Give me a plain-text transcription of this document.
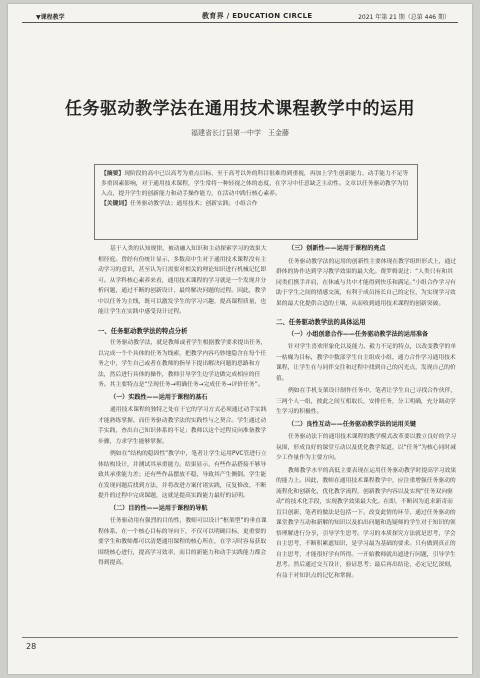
▼课程教学	教育界 / EDUCATION CIRCLE	2021 年第 21 期（总第 446 期）
任务驱动教学法在通用技术课程教学中的运用
福建省长汀县第一中学　王金藤
【摘要】现阶段的高中已以高考为重点目标，至于高考以外的科目很难得到重视，再加上学生创新能力、动手能力不足等多重因素影响，对于通用技术课程，学生常将一种轻视之体的态度，在学习中任意缺乏主动性。文章以任务驱动教学为切入点，提升学生的创新能力和动手操作能力，在活动中践行核心素养。
【关键词】任务驱动教学法；通用技术；创新实践；小组合作

基于人类的认知规律，被动融入知识和主动探索学习的效果大相径庭。曾经有份统计显示，多数高中生对于通用技术课程没有主动学习的意识，甚至认为只需要对相关的理论知识进行机械记忆即可。从学科核心素养来看，通用技术课程的学习就是一个发现并分析问题，通过不断的创新设计，最终解决问题的过程。因此，教学中以任务为主线，既可以激发学生的学习兴趣，提高课程质量，也能让学生在实践中感受设计过程。

一、任务驱动教学法的特点分析

任务驱动教学法，就是教师或者学生根据教学要求提出任务，以完成一个个具体的任务为线索，把教学内容巧妙地隐含在每个任务之中，学生自己或者在教师的指导下提出解决问题的思路和方法，然后进行具体的操作，教师引导学生边学边做完成相应的任务。其主要特点是“呈现任务→明确任务→完成任务→评价任务”。

（一）实践性——运用于课程的基石

通用技术课程的独特之处在于它的学习方式必须通过动手实践才能熟练掌握。而任务驱动教学法的实践性与之契合。学生通过动手实践，查出自己知识体系的不足；教师以这个过程反向准备教学步骤，力求学生能够掌握。

例如在“结构的稳固性”教学中，笔者让学生运用PVC管进行立体结构设计，并测试其承重能力。结果显示，有些作品搭接不够导致其承重能力差；还有些作品摆放不稳，导致其产生侧倒。学生能在发现问题后找到方法，并将改进方案付诸实践，反复修改、不断提升的过程中完成课题，这就是提高实践能力最好的证明。

（二）目的性——运用于课程的导航

任务驱动用有强烈的目的性，教师可以设计“框架型”的垂直课程体系，在一个核心目标的导向下，不仅可以明确目标，更重要的要学生和教师都可以清楚通用课程的核心所在，在学习时容易获取围绕核心进行，提高学习效率，而目的新能力和动手实践能力都会得到提高。

（三）创新性——运用于课程的亮点

任务驱动教学法的运用的创新性主要体现在教学组织形式上，通过群体的协作达到学习教学效果的最大化。费罗姆说过：“人类只有和其同类们携手并肩，在休戚与共中才能得到快乐和满足。”小组合作学习有助于学生之间的情感交流，有利于成员扬长自己的定位，为实现学习效果的最大化提供合适的土壤，从而收到通用技术课程的创新突破。

二、任务驱动教学法的具体运用
（一）小组创意合作——任务驱动教学法的运用准备

针对学生喜欢形象化以及能力、毅力不足的特点，以改变教学的单一枯燥为目标，教学中数部学生自主组成小组，通力合作学习通用技术课程，让学生在与同伴交往和过程中找到自己的闪光点，发现自己的价值。

例如在手机支架设计制作任务中，笔者让学生自己寻找合作伙伴，三两个人一组，彼此之间互相取长，安排任务，分工明确，充分调动学生学习的积极性。

（二）良性互动——任务驱动教学法的运用关键

任务驱动法下的通用技术课程的教学模式改革要以教立良好的学习氛围，形成良好的课堂互动以及优化教学渠道，以“任务”为核心同时减少工作量作为主要方向。

教师教学水平的高低主要表现在运用任务驱动教学时提高学习效果的能力上。因此，教师在通用技术课程教学中，应注重增强任务驱动的流程化和创新化，优化教学流程，创新教学内容以及实现“任务双向驱动”的技术化手段，实现教学效果最大化。在即，不断因为追求新奇而盲目创新，笔者的做法是包括一下。改变此情的环节，通过任务驱动的课堂教学互动和新解的知识以及拍出问题和选疑师的学生对于知识的领悟理解进行分享，引导学生思考。学习的本质探究方法就是思考，学会自主思考，不断积累遮知识，是学习最为基础的要求。只有做到真正的自主思考，才能很好学有所得。一开始教师就出遮进行问题，引导学生思考。然后通过交互设计，验证思考；最后再出结论，必定记忆深刻，有益于对知识点的记忆和掌握。

28
